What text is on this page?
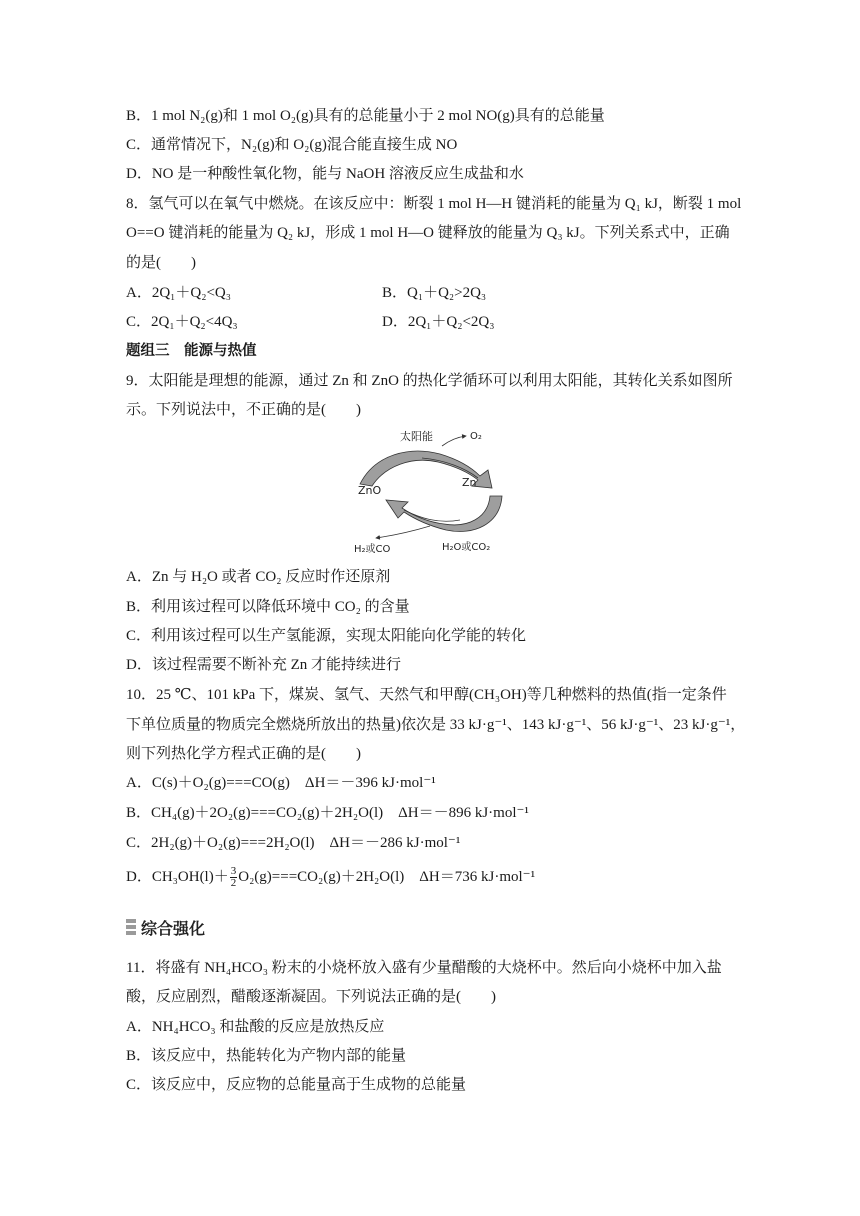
B．1 mol N₂(g)和 1 mol O₂(g)具有的总能量小于 2 mol NO(g)具有的总能量
C．通常情况下，N₂(g)和 O₂(g)混合能直接生成 NO
D．NO 是一种酸性氧化物，能与 NaOH 溶液反应生成盐和水
8．氢气可以在氧气中燃烧。在该反应中：断裂 1 mol H—H 键消耗的能量为 Q₁ kJ，断裂 1 mol
O==O 键消耗的能量为 Q₂ kJ，形成 1 mol H—O 键释放的能量为 Q₃ kJ。下列关系式中，正确
的是(　　)
A．2Q₁＋Q₂<Q₃	B．Q₁＋Q₂>2Q₃
C．2Q₁＋Q₂<4Q₃	D．2Q₁＋Q₂<2Q₃
题组三　能源与热值
9．太阳能是理想的能源，通过 Zn 和 ZnO 的热化学循环可以利用太阳能，其转化关系如图所
示。下列说法中，不正确的是(　　)
太阳能	O₂
ZnO
Zn
H₂或CO	H₂O或CO₂
A．Zn 与 H₂O 或者 CO₂ 反应时作还原剂
B．利用该过程可以降低环境中 CO₂ 的含量
C．利用该过程可以生产氢能源，实现太阳能向化学能的转化
D．该过程需要不断补充 Zn 才能持续进行
10．25 ℃、101 kPa 下，煤炭、氢气、天然气和甲醇(CH₃OH)等几种燃料的热值(指一定条件
下单位质量的物质完全燃烧所放出的热量)依次是 33 kJ·g⁻¹、143 kJ·g⁻¹、56 kJ·g⁻¹、23 kJ·g⁻¹，
则下列热化学方程式正确的是(　　)
A．C(s)＋O₂(g)===CO(g)　ΔH＝－396 kJ·mol⁻¹
B．CH₄(g)＋2O₂(g)===CO₂(g)＋2H₂O(l)　ΔH＝－896 kJ·mol⁻¹
C．2H₂(g)＋O₂(g)===2H₂O(l)　ΔH＝－286 kJ·mol⁻¹
D．$CH_3OH(l)+ \frac{3}{2} O_2(g)===CO_2(g)+2H_2O(l)$　ΔH＝736 kJ·mol⁻¹
综合强化
11．将盛有 NH₄HCO₃ 粉末的小烧杯放入盛有少量醋酸的大烧杯中。然后向小烧杯中加入盐
酸，反应剧烈，醋酸逐渐凝固。下列说法正确的是(　　)
A．NH₄HCO₃ 和盐酸的反应是放热反应
B．该反应中，热能转化为产物内部的能量
C．该反应中，反应物的总能量高于生成物的总能量
